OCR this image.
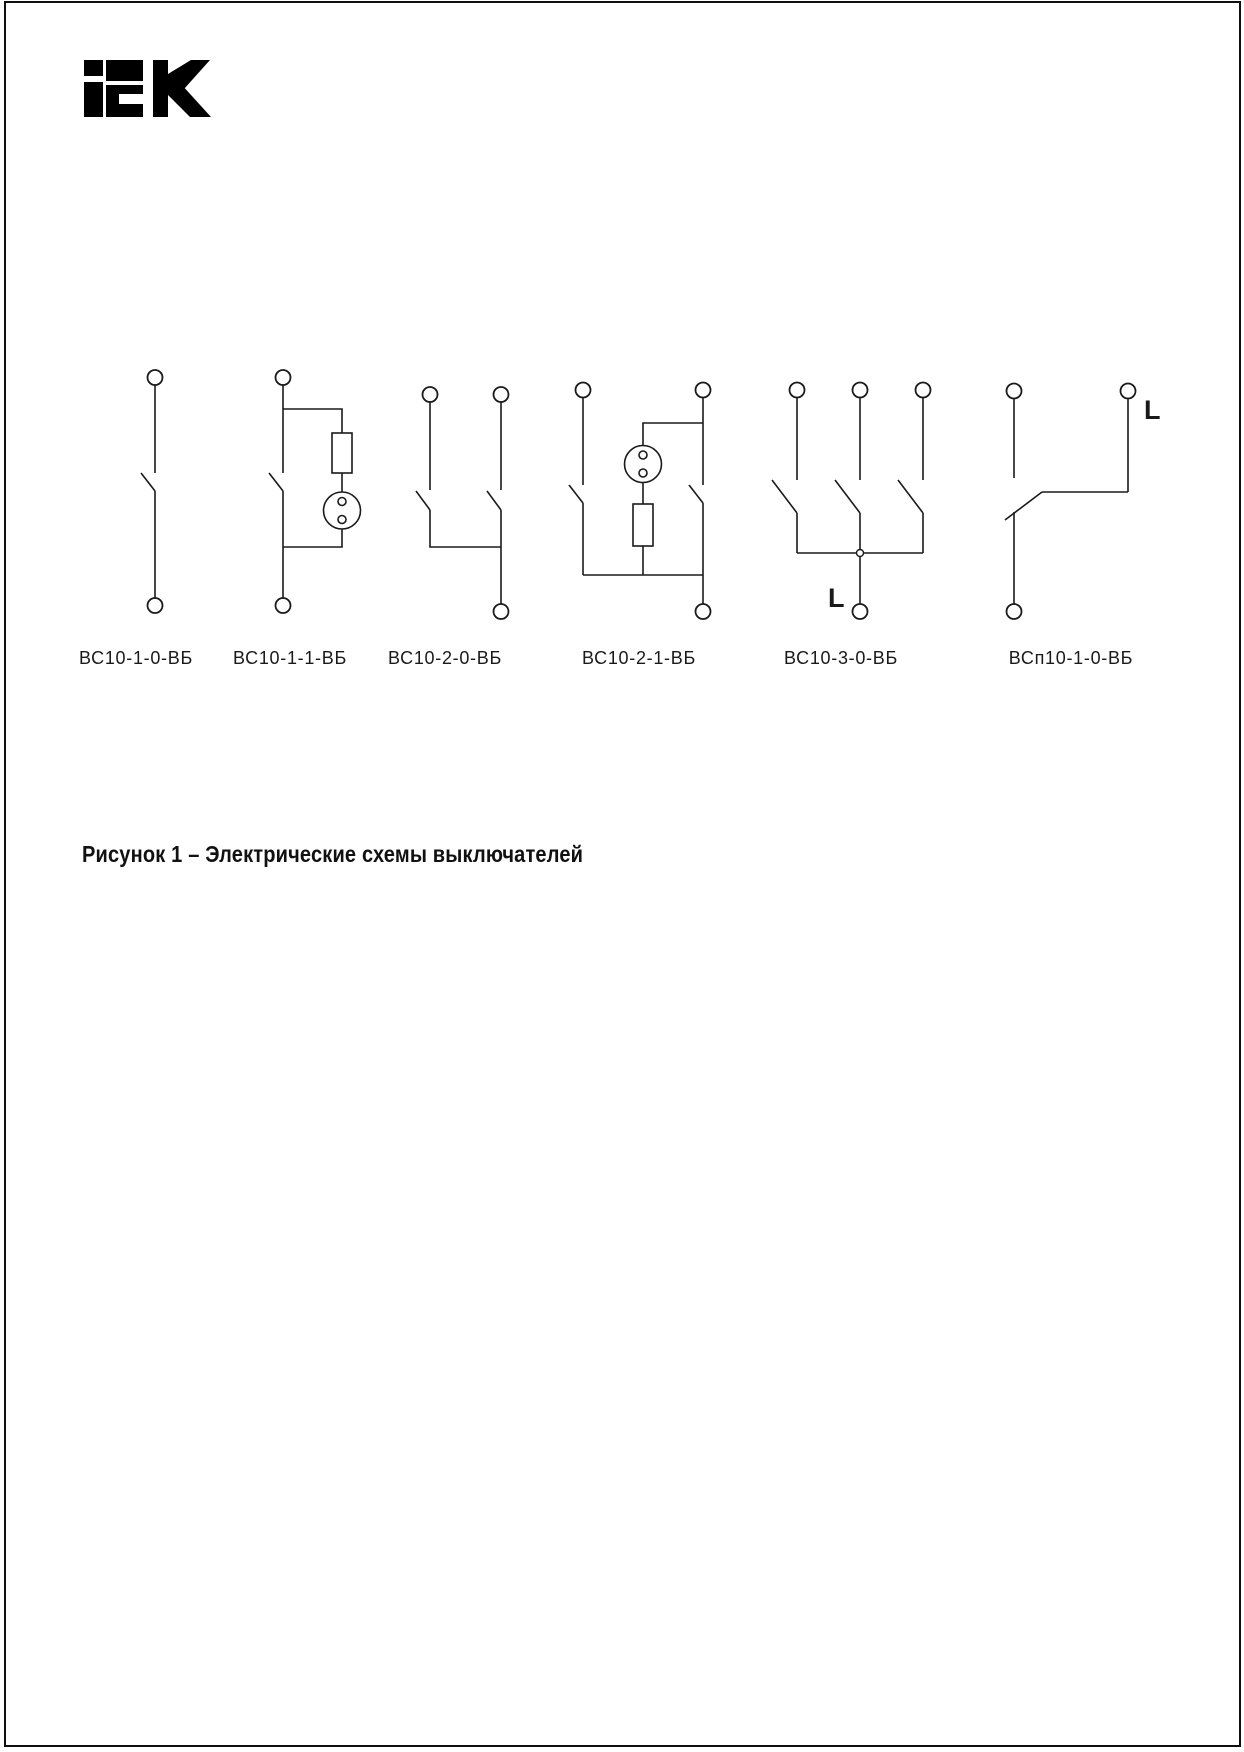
L
L
ВС10-1-0-ВБ ВС10-1-1-ВБ ВС10-2-0-ВБ	ВС10-2-1-ВБ	ВС10-3-0-ВБ	ВСп10-1-0-ВБ
Рисунок 1 – Электрические схемы выключателей
